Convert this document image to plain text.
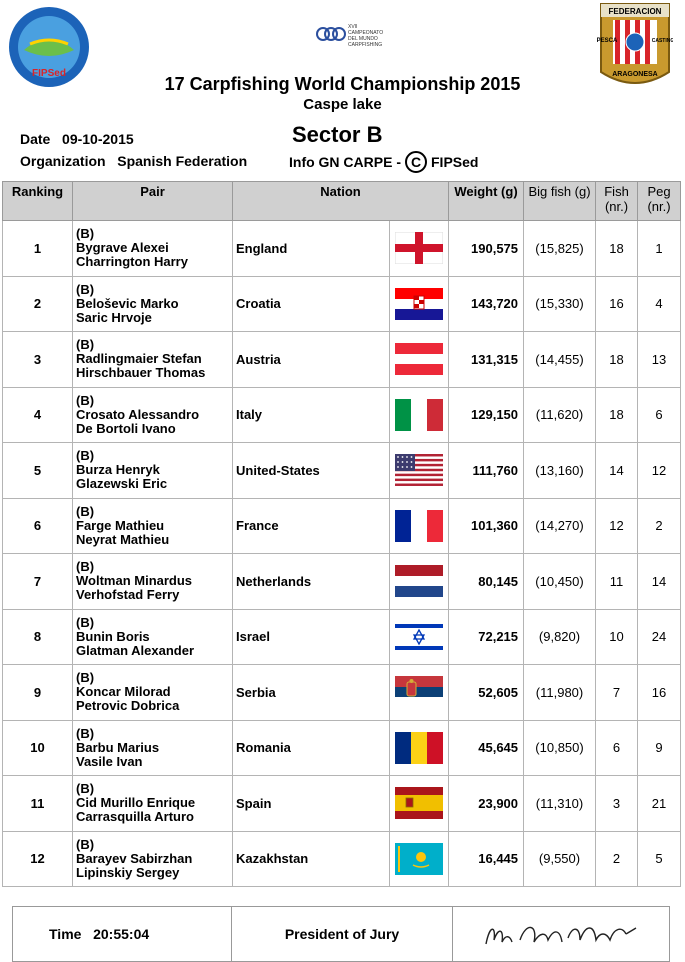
FIPSed
XVII
CAMPEONATO
DEL MUNDO
CARPFISHING
FEDERACION
PESCA	CASTING
ARAGONESA
17 Carpfishing World Championship 2015
Caspe lake
Date 09-10-2015	Sector B
Organization Spanish Federation	Info GN CARPE - C FIPSed
Ranking	Pair	Nation		Weight (g)	Big fish (g)	Fish (nr.)	Peg (nr.)
1	(B)
Bygrave Alexei
Charrington Harry	England		190,575	(15,825)	18	1
2	(B)
Beloševic Marko
Saric Hrvoje	Croatia		143,720	(15,330)	16	4
3	(B)
Radlingmaier Stefan
Hirschbauer Thomas	Austria		131,315	(14,455)	18	13
4	(B)
Crosato Alessandro
De Bortoli Ivano	Italy		129,150	(11,620)	18	6
5	(B)
Burza Henryk
Glazewski Eric	United-States		111,760	(13,160)	14	12
6	(B)
Farge Mathieu
Neyrat Mathieu	France		101,360	(14,270)	12	2
7	(B)
Woltman Minardus
Verhofstad Ferry	Netherlands		80,145	(10,450)	11	14
8	(B)
Bunin Boris
Glatman Alexander	Israel		72,215	(9,820)	10	24
9	(B)
Koncar Milorad
Petrovic Dobrica	Serbia		52,605	(11,980)	7	16
10	(B)
Barbu Marius
Vasile Ivan	Romania		45,645	(10,850)	6	9
11	(B)
Cid Murillo Enrique
Carrasquilla Arturo	Spain		23,900	(11,310)	3	21
12	(B)
Barayev Sabirzhan
Lipinskiy Sergey	Kazakhstan		16,445	(9,550)	2	5
Time
20:55:04	President of Jury
